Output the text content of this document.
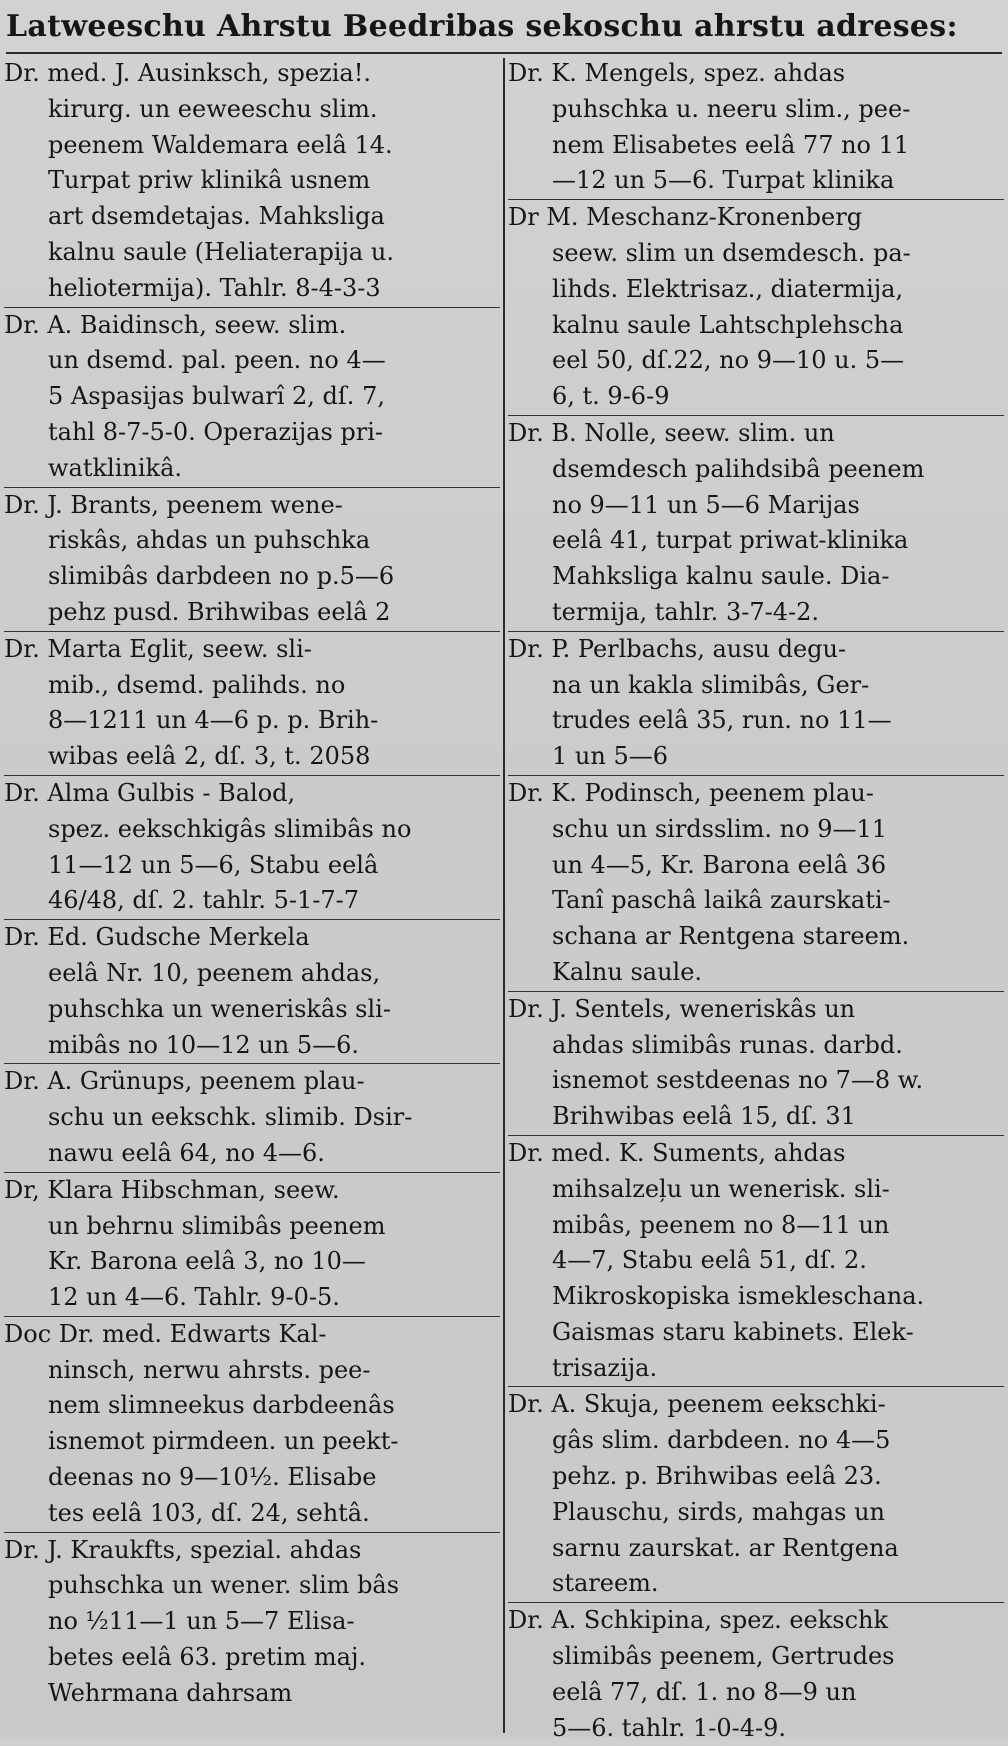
Latweeschu Ahrstu Beedribas sekoschu ahrstu adreses:
Dr. med. J. Ausinksch, spezia!.
kirurg. un eeweeschu slim.
peenem Waldemara eelâ 14.
Turpat priw klinikâ usnem
art dsemdetajas. Mahksliga
kalnu saule (Heliaterapija u.
heliotermija). Tahlr. 8-4-3-3
Dr. A. Baidinsch, seew. slim.
un dsemd. pal. peen. no 4—
5 Aspasijas bulwarî 2, dſ. 7,
tahl 8-7-5-0. Operazijas pri-
watklinikâ.
Dr. J. Brants, peenem wene-
riskâs, ahdas un puhschka
slimibâs darbdeen no p.5—6
pehz pusd. Brihwibas eelâ 2
Dr. Marta Eglit, seew. sli-
mib., dsemd. palihds. no
8—1211 un 4—6 p. p. Brih-
wibas eelâ 2, dſ. 3, t. 2058
Dr. Alma Gulbis - Balod,
spez. eekschkigâs slimibâs no
11—12 un 5—6, Stabu eelâ
46/48, dſ. 2. tahlr. 5-1-7-7
Dr. Ed. Gudsche Merkela
eelâ Nr. 10, peenem ahdas,
puhschka un weneriskâs sli-
mibâs no 10—12 un 5—6.
Dr. A. Grünups, peenem plau-
schu un eekschk. slimib. Dsir-
nawu eelâ 64, no 4—6.
Dr, Klara Hibschman, seew.
un behrnu slimibâs peenem
Kr. Barona eelâ 3, no 10—
12 un 4—6. Tahlr. 9-0-5.
Doc Dr. med. Edwarts Kal-
ninsch, nerwu ahrsts. pee-
nem slimneekus darbdeenâs
isnemot pirmdeen. un peekt-
deenas no 9—10½. Elisabe
tes eelâ 103, dſ. 24, sehtâ.
Dr. J. Kraukfts, spezial. ahdas
puhschka un wener. slim bâs
no ½11—1 un 5—7 Elisa-
betes eelâ 63. pretim maj.
Wehrmana dahrsam
Dr. K. Mengels, spez. ahdas
puhschka u. neeru slim., pee-
nem Elisabetes eelâ 77 no 11
—12 un 5—6. Turpat klinika
Dr M. Meschanz-Kronenberg
seew. slim un dsemdesch. pa-
lihds. Elektrisaz., diatermija,
kalnu saule Lahtschplehscha
eel 50, dſ.22, no 9—10 u. 5—
6, t. 9-6-9
Dr. B. Nolle, seew. slim. un
dsemdesch palihdsibâ peenem
no 9—11 un 5—6 Marijas
eelâ 41, turpat priwat-klinika
Mahksliga kalnu saule. Dia-
termija, tahlr. 3-7-4-2.
Dr. P. Perlbachs, ausu degu-
na un kakla slimibâs, Ger-
trudes eelâ 35, run. no 11—
1 un 5—6
Dr. K. Podinsch, peenem plau-
schu un sirdsslim. no 9—11
un 4—5, Kr. Barona eelâ 36
Tanî paschâ laikâ zaurskati-
schana ar Rentgena stareem.
Kalnu saule.
Dr. J. Sentels, weneriskâs un
ahdas slimibâs runas. darbd.
isnemot sestdeenas no 7—8 w.
Brihwibas eelâ 15, dſ. 31
Dr. med. K. Suments, ahdas
mihsalzeļu un wenerisk. sli-
mibâs, peenem no 8—11 un
4—7, Stabu eelâ 51, dſ. 2.
Mikroskopiska ismekleschana.
Gaismas staru kabinets. Elek-
trisazija.
Dr. A. Skuja, peenem eekschki-
gâs slim. darbdeen. no 4—5
pehz. p. Brihwibas eelâ 23.
Plauschu, sirds, mahgas un
sarnu zaurskat. ar Rentgena
stareem.
Dr. A. Schkipina, spez. eekschk
slimibâs peenem, Gertrudes
eelâ 77, dſ. 1. no 8—9 un
5—6. tahlr. 1-0-4-9.
